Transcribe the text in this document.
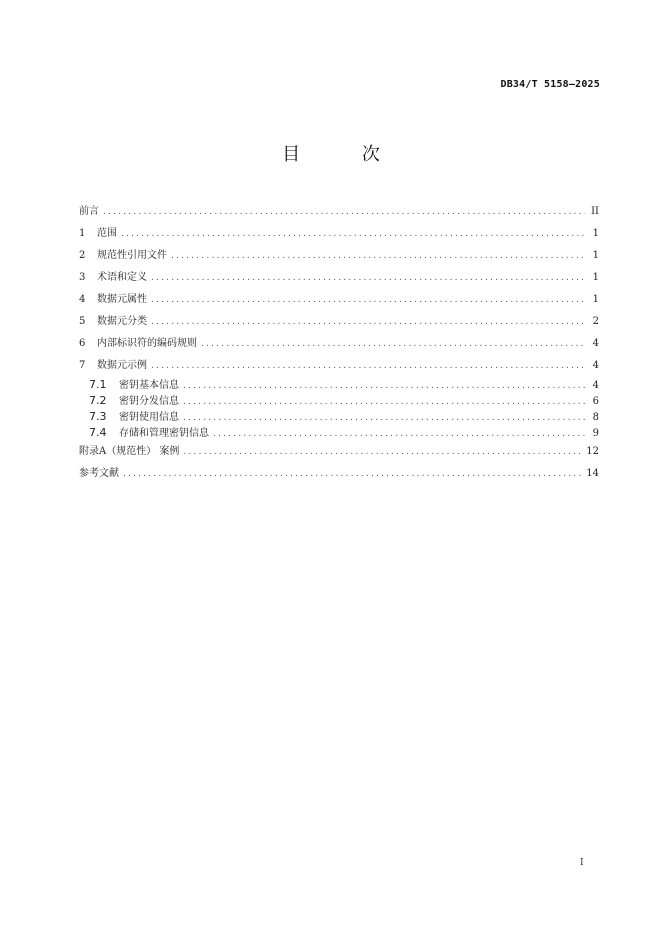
DB34/T 5158—2025
目 次
前言 .....	II
1	范围 .....	1
2	规范性引用文件 .....	1
3	术语和定义 .....	1
4	数据元属性 .....	1
5	数据元分类 .....	2
6	内部标识符的编码规则 .....	4
7	数据元示例 .....	4
7.1 密钥基本信息 .....	4
7.2 密钥分发信息 .....	6
7.3 密钥使用信息 .....	8
7.4 存储和管理密钥信息 .....	9
附录A（规范性） 案例 .....	12
参考文献 .....	14
I
